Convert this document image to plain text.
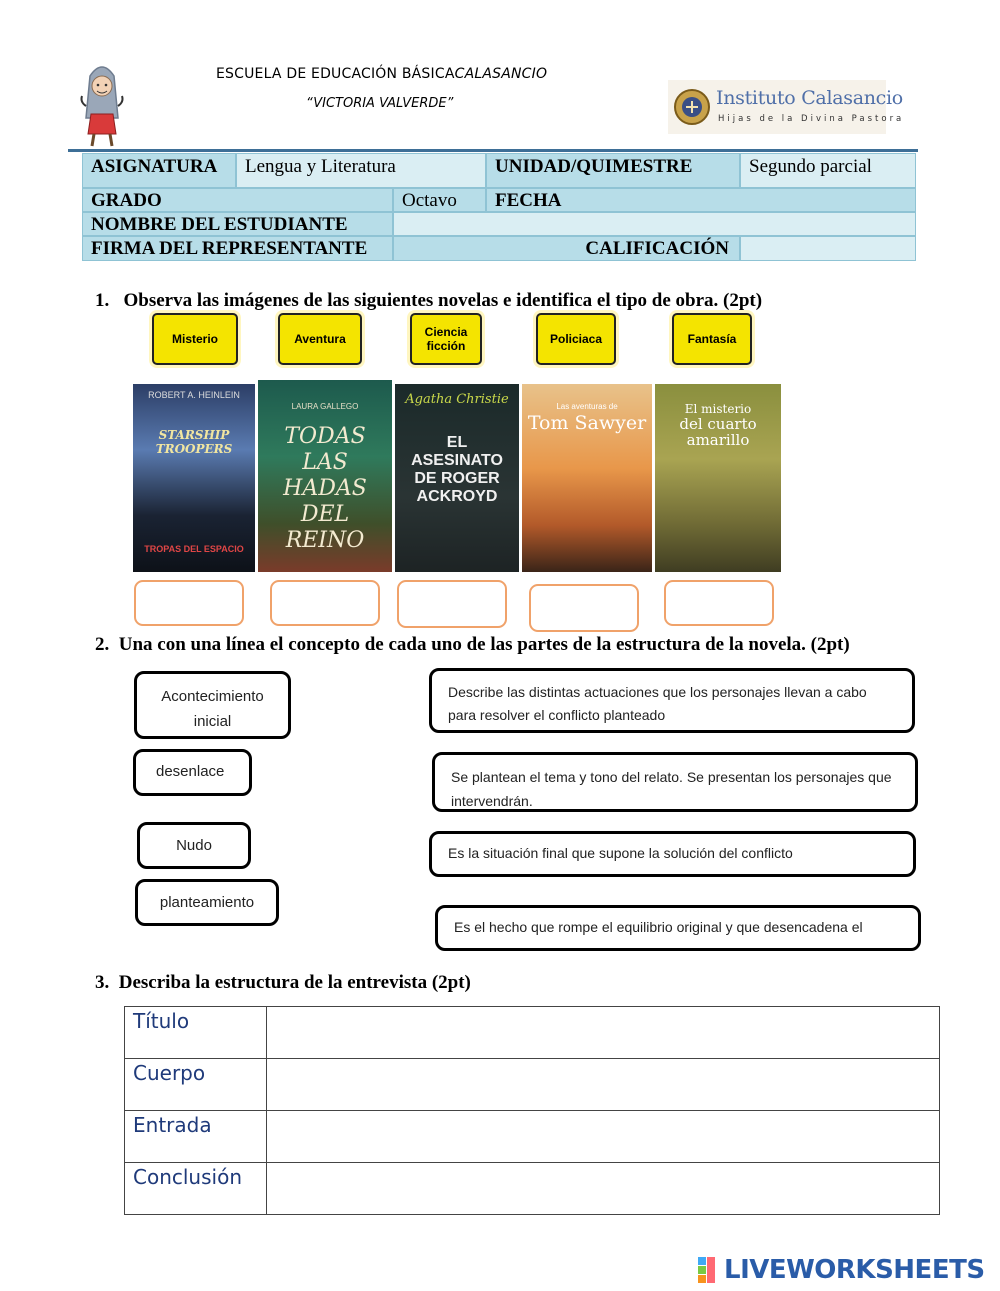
ESCUELA DE EDUCACIÓN BÁSICACALASANCIO
“VICTORIA VALVERDE”	Instituto Calasancio
Hijas de la Divina Pastora
ASIGNATURA	Lengua y Literatura	UNIDAD/QUIMESTRE	Segundo parcial
GRADO	Octavo	FECHA
NOMBRE DEL ESTUDIANTE
FIRMA DEL REPRESENTANTE	CALIFICACIÓN
1. Observa las imágenes de las siguientes novelas e identifica el tipo de obra. (2pt)
Misterio	Aventura	Ciencia ficción	Policiaca	Fantasía
ROBERT A. HEINLEIN
STARSHIP TROOPERS
TROPAS DEL ESPACIO
LAURA GALLEGO
TODAS LAS HADAS DEL REINO
Agatha Christie
EL ASESINATO DE ROGER ACKROYD
Las aventuras de
Tom Sawyer
El misterio
del cuarto amarillo
2. Una con una línea el concepto de cada uno de las partes de la estructura de la novela. (2pt)
Acontecimiento inicial
desenlace
Nudo
planteamiento
Describe las distintas actuaciones que los personajes llevan a cabo para resolver el conflicto planteado
Se plantean el tema y tono del relato. Se presentan los personajes que intervendrán.
Es la situación final que supone la solución del conflicto
Es el hecho que rompe el equilibrio original y que desencadena el
3. Describa la estructura de la entrevista (2pt)
Título	
Cuerpo	
Entrada	
Conclusión	
LIVEWORKSHEETS
